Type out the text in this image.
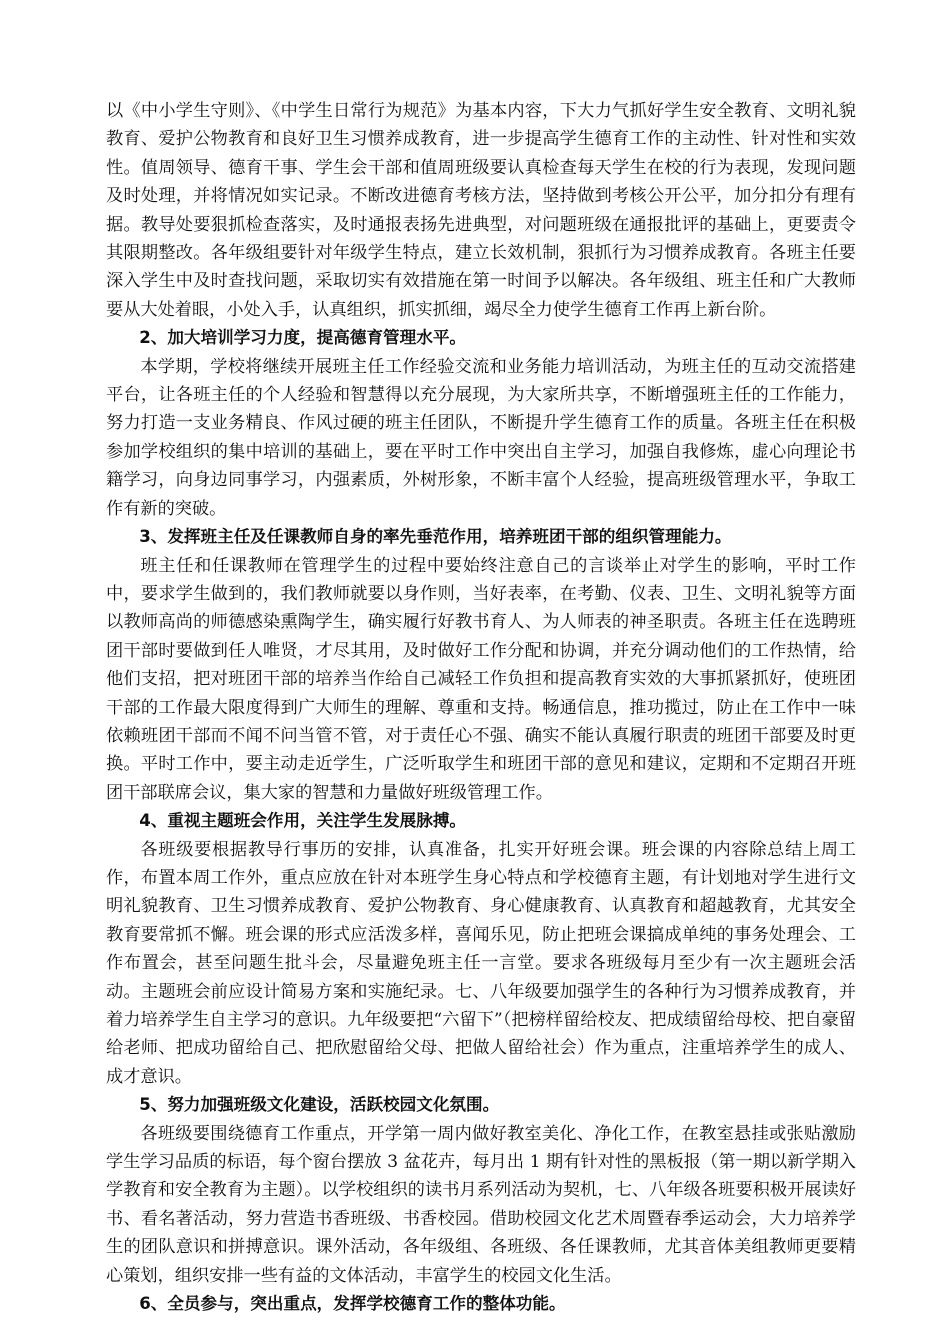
以《中小学生守则》、《中学生日常行为规范》为基本内容，下大力气抓好学生安全教育、文明礼貌教育、爱护公物教育和良好卫生习惯养成教育，进一步提高学生德育工作的主动性、针对性和实效性。值周领导、德育干事、学生会干部和值周班级要认真检查每天学生在校的行为表现，发现问题及时处理，并将情况如实记录。不断改进德育考核方法，坚持做到考核公开公平，加分扣分有理有据。教导处要狠抓检查落实，及时通报表扬先进典型，对问题班级在通报批评的基础上，更要责令其限期整改。各年级组要针对年级学生特点，建立长效机制，狠抓行为习惯养成教育。各班主任要深入学生中及时查找问题，采取切实有效措施在第一时间予以解决。各年级组、班主任和广大教师要从大处着眼，小处入手，认真组织，抓实抓细，竭尽全力使学生德育工作再上新台阶。

2、加大培训学习力度，提高德育管理水平。

本学期，学校将继续开展班主任工作经验交流和业务能力培训活动，为班主任的互动交流搭建平台，让各班主任的个人经验和智慧得以充分展现，为大家所共享，不断增强班主任的工作能力，努力打造一支业务精良、作风过硬的班主任团队，不断提升学生德育工作的质量。各班主任在积极参加学校组织的集中培训的基础上，要在平时工作中突出自主学习，加强自我修炼，虚心向理论书籍学习，向身边同事学习，内强素质，外树形象，不断丰富个人经验，提高班级管理水平，争取工作有新的突破。

3、发挥班主任及任课教师自身的率先垂范作用，培养班团干部的组织管理能力。

班主任和任课教师在管理学生的过程中要始终注意自己的言谈举止对学生的影响，平时工作中，要求学生做到的，我们教师就要以身作则，当好表率，在考勤、仪表、卫生、文明礼貌等方面以教师高尚的师德感染熏陶学生，确实履行好教书育人、为人师表的神圣职责。各班主任在选聘班团干部时要做到任人唯贤，才尽其用，及时做好工作分配和协调，并充分调动他们的工作热情，给他们支招，把对班团干部的培养当作给自己减轻工作负担和提高教育实效的大事抓紧抓好，使班团干部的工作最大限度得到广大师生的理解、尊重和支持。畅通信息，推功揽过，防止在工作中一味依赖班团干部而不闻不问当管不管，对于责任心不强、确实不能认真履行职责的班团干部要及时更换。平时工作中，要主动走近学生，广泛听取学生和班团干部的意见和建议，定期和不定期召开班团干部联席会议，集大家的智慧和力量做好班级管理工作。

4、重视主题班会作用，关注学生发展脉搏。

各班级要根据教导行事历的安排，认真准备，扎实开好班会课。班会课的内容除总结上周工作，布置本周工作外，重点应放在针对本班学生身心特点和学校德育主题，有计划地对学生进行文明礼貌教育、卫生习惯养成教育、爱护公物教育、身心健康教育、认真教育和超越教育，尤其安全教育要常抓不懈。班会课的形式应活泼多样，喜闻乐见，防止把班会课搞成单纯的事务处理会、工作布置会，甚至问题生批斗会，尽量避免班主任一言堂。要求各班级每月至少有一次主题班会活动。主题班会前应设计简易方案和实施纪录。七、八年级要加强学生的各种行为习惯养成教育，并着力培养学生自主学习的意识。九年级要把“六留下”（把榜样留给校友、把成绩留给母校、把自豪留给老师、把成功留给自己、把欣慰留给父母、把做人留给社会）作为重点，注重培养学生的成人、成才意识。

5、努力加强班级文化建设，活跃校园文化氛围。

各班级要围绕德育工作重点，开学第一周内做好教室美化、净化工作，在教室悬挂或张贴激励学生学习品质的标语，每个窗台摆放 3 盆花卉，每月出 1 期有针对性的黑板报（第一期以新学期入学教育和安全教育为主题）。以学校组织的读书月系列活动为契机，七、八年级各班要积极开展读好书、看名著活动，努力营造书香班级、书香校园。借助校园文化艺术周暨春季运动会，大力培养学生的团队意识和拼搏意识。课外活动，各年级组、各班级、各任课教师，尤其音体美组教师更要精心策划，组织安排一些有益的文体活动，丰富学生的校园文化生活。

6、全员参与，突出重点，发挥学校德育工作的整体功能。
